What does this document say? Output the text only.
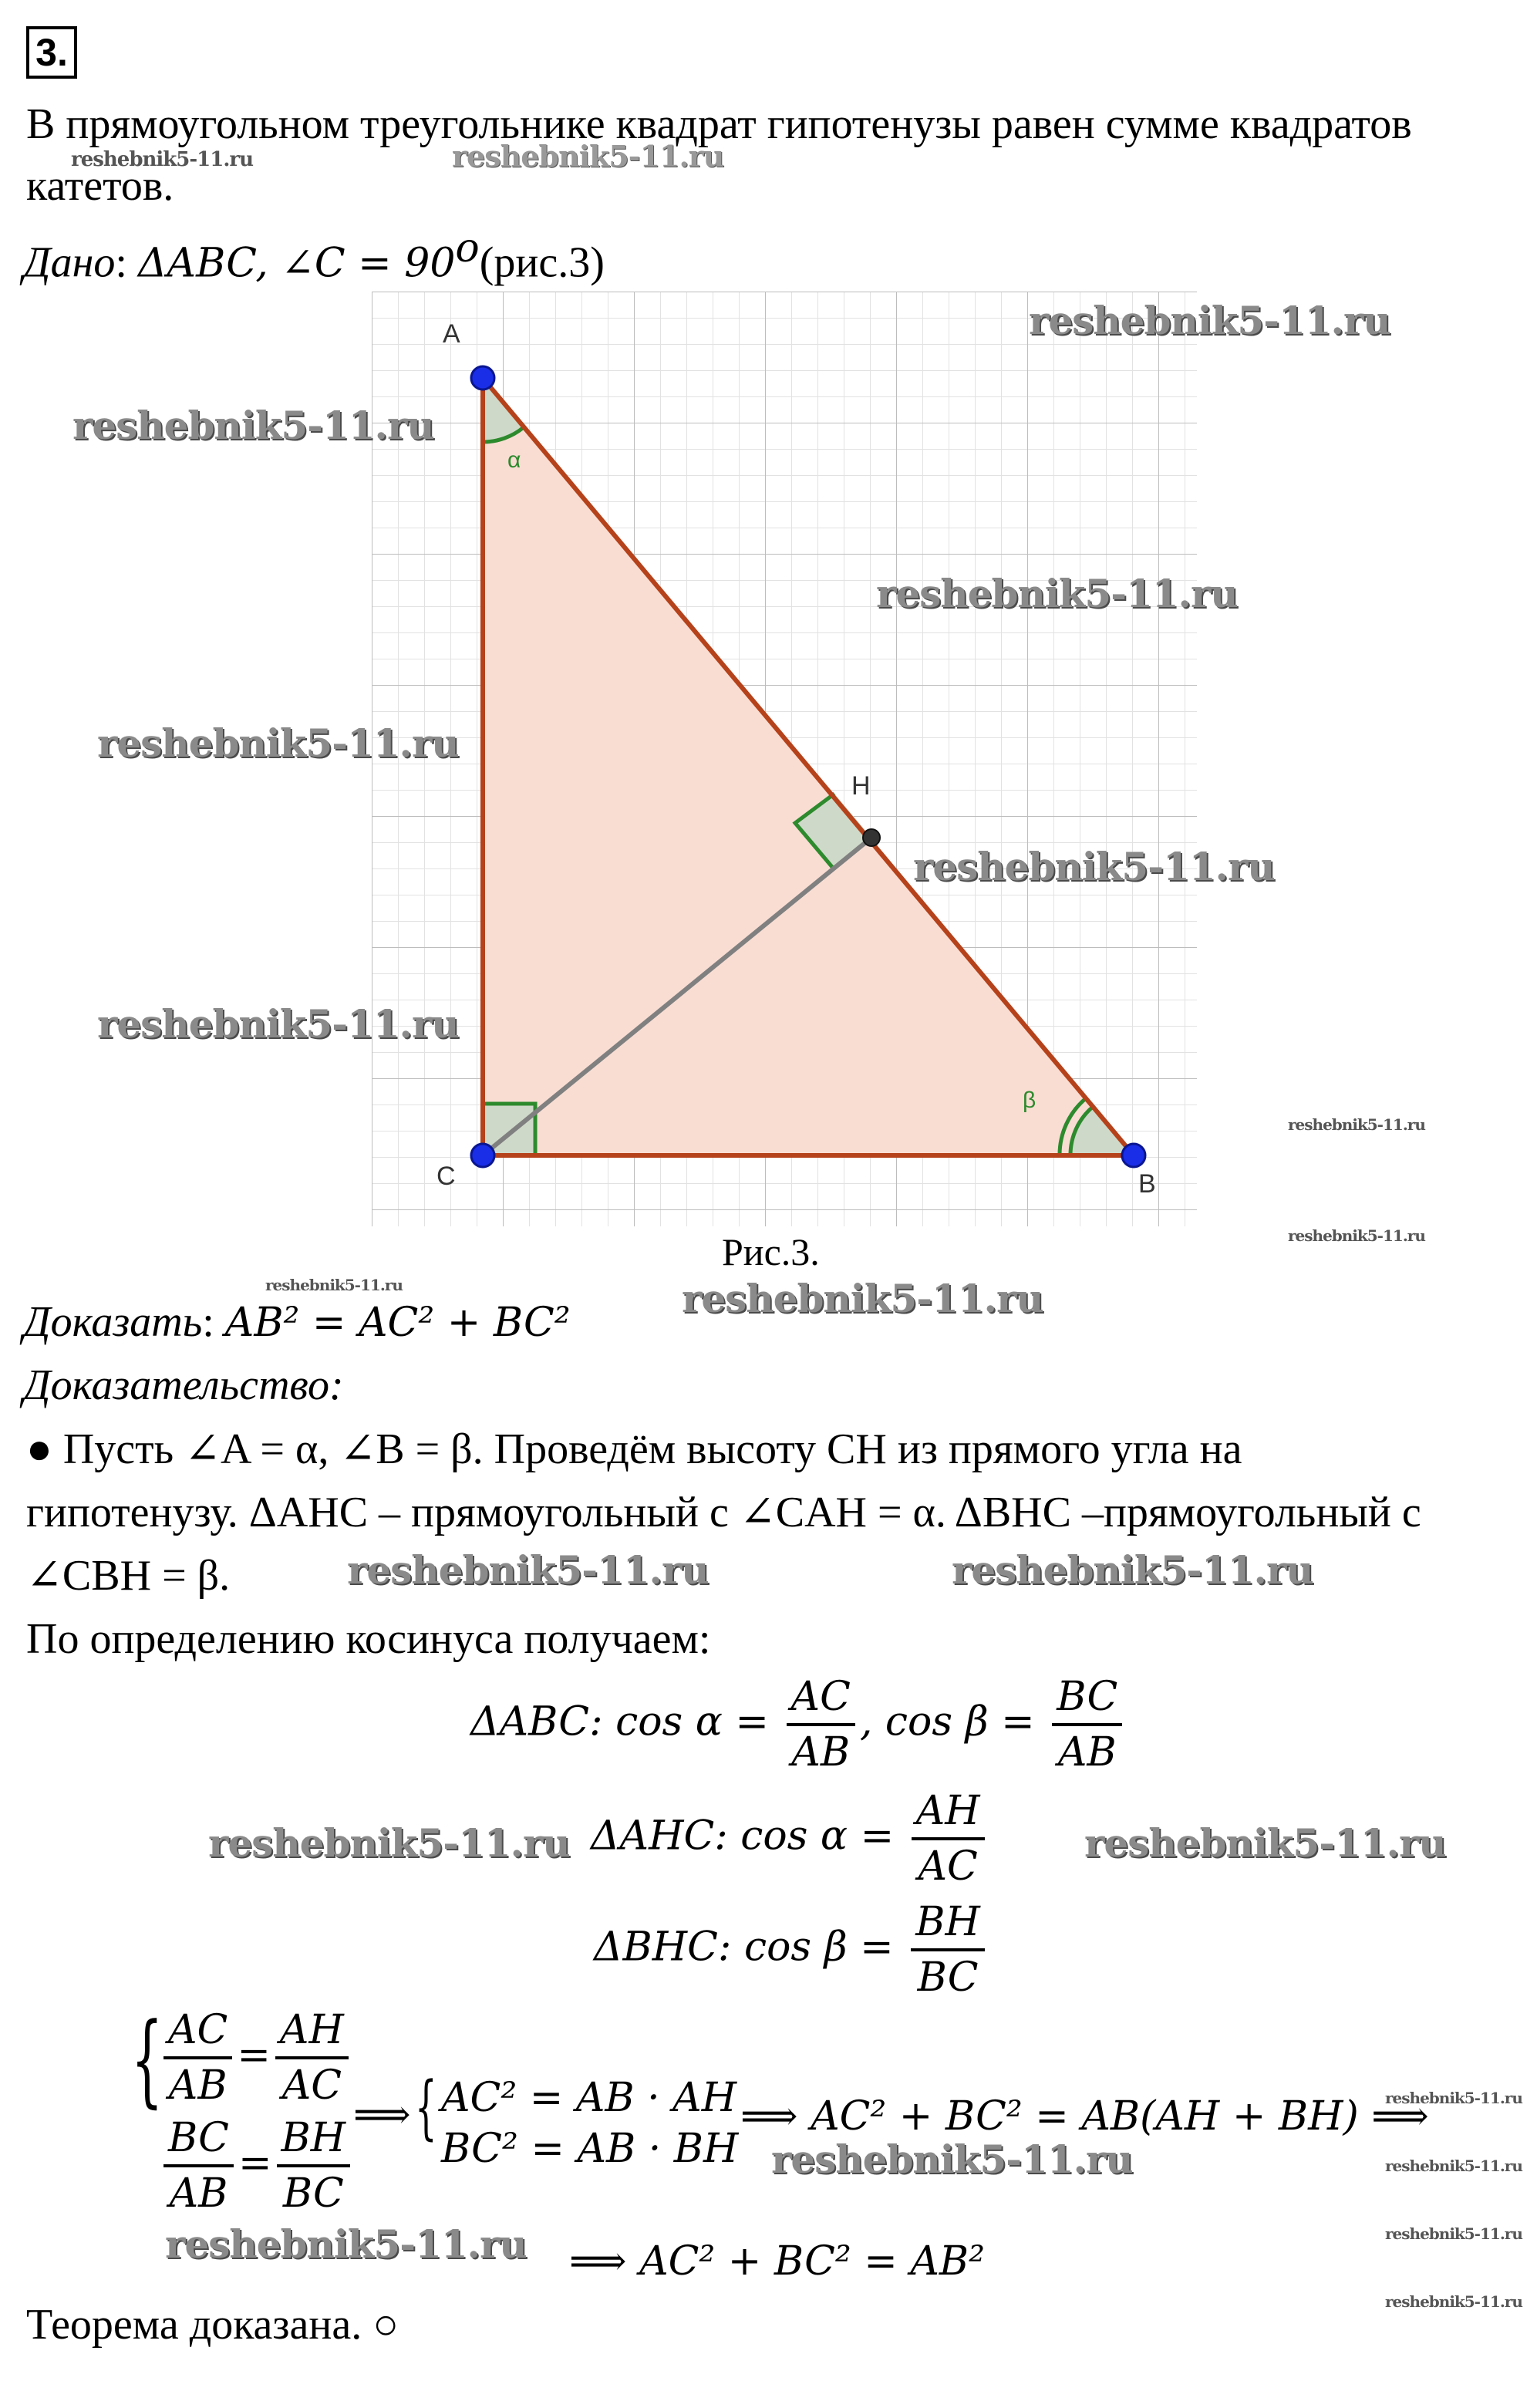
3.
В прямоугольном треугольнике квадрат гипотенузы равен сумме квадратов
катетов.
Дано: ΔABC, ∠C = $90^o(рис.3)$
A
B
C
H
α
β
Рис.3.
Доказать: AB² = AC² + BC²
Доказательство:
● Пусть ∠A = α, ∠B = β. Проведём высоту CH из прямого угла на
гипотенузу. ΔAHC – прямоугольный с ∠CAH = α. ΔBHC –прямоугольный с
∠CBH = β.
По определению косинуса получаем:
ΔABC: $\cos \alpha = \frac{AC}{AB}$ , $\cos \beta = \frac{BC}{AB}$
ΔAHC: $\cos \alpha = \frac{AH}{AC}$
ΔBHC: $\cos \beta = \frac{BH}{BC}$
{ $\frac{AC}{AB} = \frac{AH}{AC}$
$\frac{BC}{AB} = \frac{BH}{BC}$ ⟹ { AC² = AB · AH
BC² = AB · BH
⟹ AC² + BC² = AB(AH + BH) ⟹
⟹ AC² + BC² = AB²
Теорема доказана. ○
reshebnik5-11.ru	reshebnik5-11.ru
reshebnik5-11.ru
reshebnik5-11.ru
reshebnik5-11.ru
reshebnik5-11.ru
reshebnik5-11.ru
reshebnik5-11.ru
reshebnik5-11.ru
reshebnik5-11.ru
reshebnik5-11.ru	reshebnik5-11.ru
reshebnik5-11.ru	reshebnik5-11.ru
reshebnik5-11.ru	reshebnik5-11.ru
reshebnik5-11.ru
reshebnik5-11.ru
reshebnik5-11.ru
reshebnik5-11.ru
reshebnik5-11.ru
reshebnik5-11.ru
